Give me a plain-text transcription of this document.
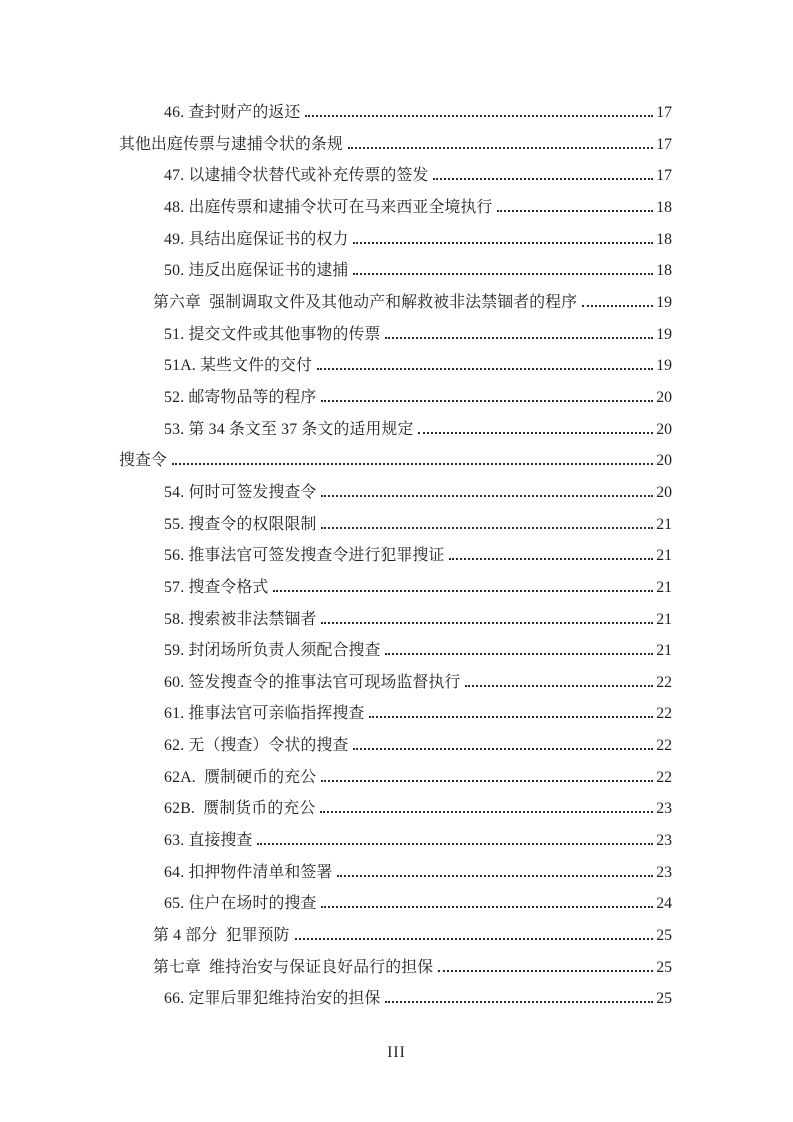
46. 查封财产的返还	17
其他出庭传票与逮捕令状的条规	17
47. 以逮捕令状替代或补充传票的签发	17
48. 出庭传票和逮捕令状可在马来西亚全境执行	18
49. 具结出庭保证书的权力	18
50. 违反出庭保证书的逮捕	18
第六章  强制调取文件及其他动产和解救被非法禁锢者的程序	19
51. 提交文件或其他事物的传票	19
51A. 某些文件的交付	19
52. 邮寄物品等的程序	20
53. 第 34 条文至 37 条文的适用规定	20
搜查令	20
54. 何时可签发搜查令	20
55. 搜查令的权限限制	21
56. 推事法官可签发搜查令进行犯罪搜证	21
57. 搜查令格式	21
58. 搜索被非法禁锢者	21
59. 封闭场所负责人须配合搜查	21
60. 签发搜查令的推事法官可现场监督执行	22
61. 推事法官可亲临指挥搜查	22
62. 无（搜查）令状的搜查	22
62A.  赝制硬币的充公	22
62B.  赝制货币的充公	23
63. 直接搜查	23
64. 扣押物件清单和签署	23
65. 住户在场时的搜查	24
第 4 部分  犯罪预防	25
第七章  维持治安与保证良好品行的担保	25
66. 定罪后罪犯维持治安的担保	25
III
